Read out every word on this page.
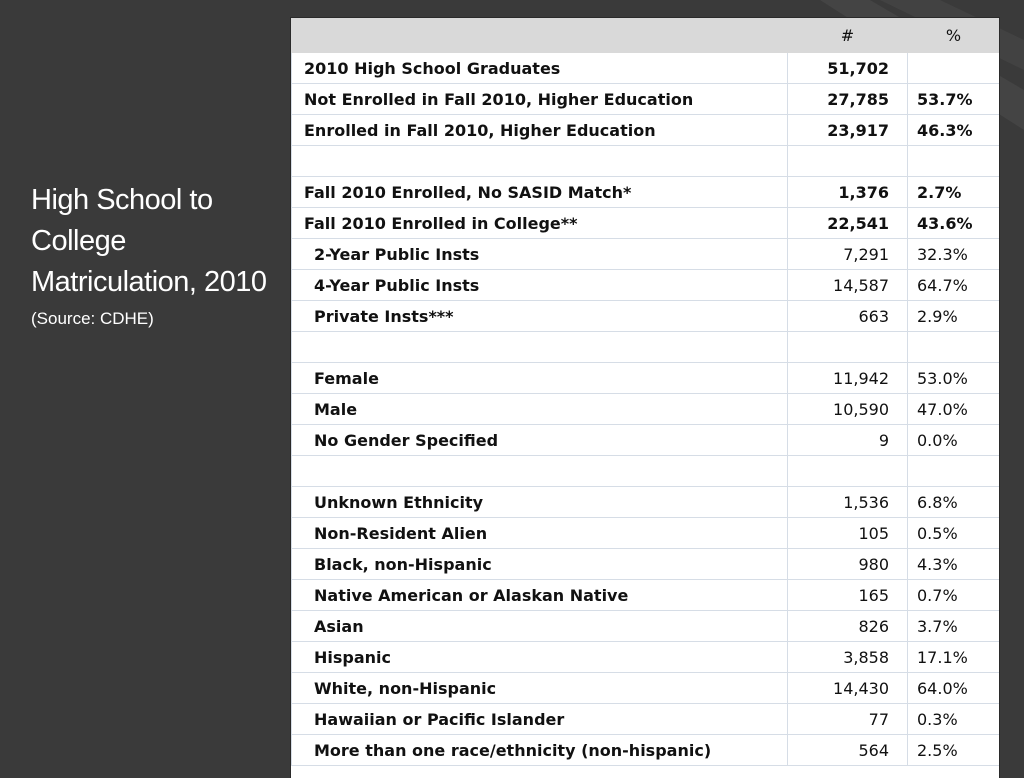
High School to College Matriculation, 2010
(Source: CDHE)
	#	%
2010 High School Graduates	51,702	
Not Enrolled in Fall 2010, Higher Education	27,785	53.7%
Enrolled in Fall 2010, Higher Education	23,917	46.3%

Fall 2010 Enrolled, No SASID Match*	1,376	2.7%
Fall 2010 Enrolled in College**	22,541	43.6%
2-Year Public Insts	7,291	32.3%
4-Year Public Insts	14,587	64.7%
Private Insts***	663	2.9%

Female	11,942	53.0%
Male	10,590	47.0%
No Gender Specified	9	0.0%

Unknown Ethnicity	1,536	6.8%
Non-Resident Alien	105	0.5%
Black, non-Hispanic	980	4.3%
Native American or Alaskan Native	165	0.7%
Asian	826	3.7%
Hispanic	3,858	17.1%
White, non-Hispanic	14,430	64.0%
Hawaiian or Pacific Islander	77	0.3%
More than one race/ethnicity (non-hispanic)	564	2.5%
